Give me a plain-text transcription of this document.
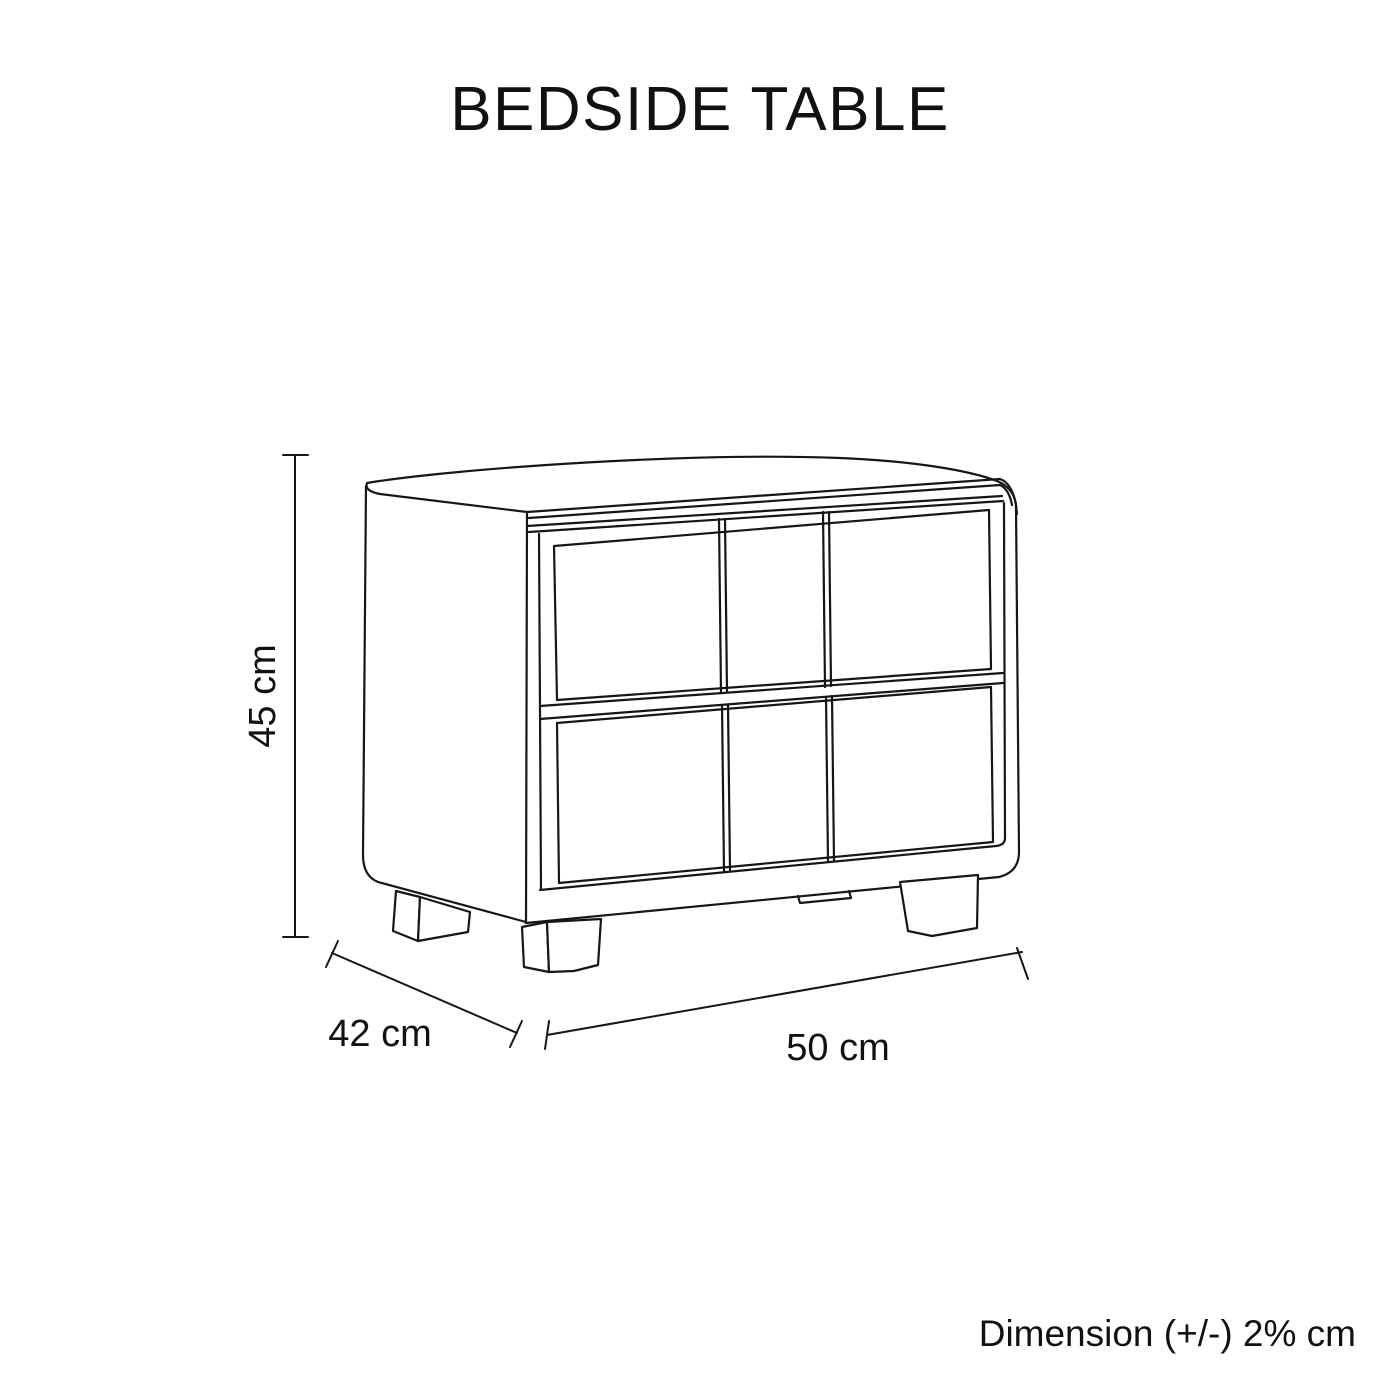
BEDSIDE TABLE
45 cm
42 cm	50 cm
Dimension (+/-) 2% cm
